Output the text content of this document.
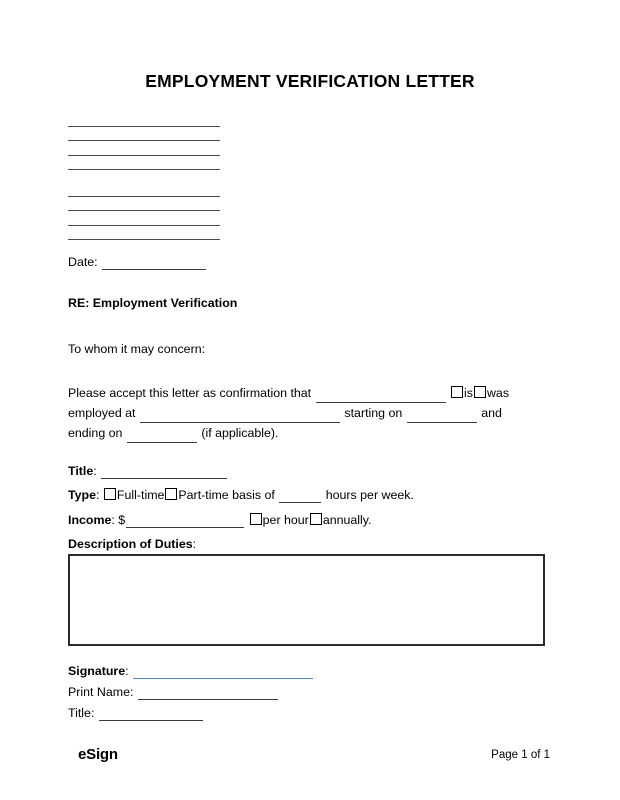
EMPLOYMENT VERIFICATION LETTER
Date:
RE: Employment Verification
To whom it may concern:
Please accept this letter as confirmation that	is was
employed at	starting on	and
ending on	(if applicable).
Title:
Type: Full-time Part-time basis of	hours per week.
Income: $	per hour annually.
Description of Duties:
Signature:
Print Name:
Title:
eSign	Page 1 of 1
